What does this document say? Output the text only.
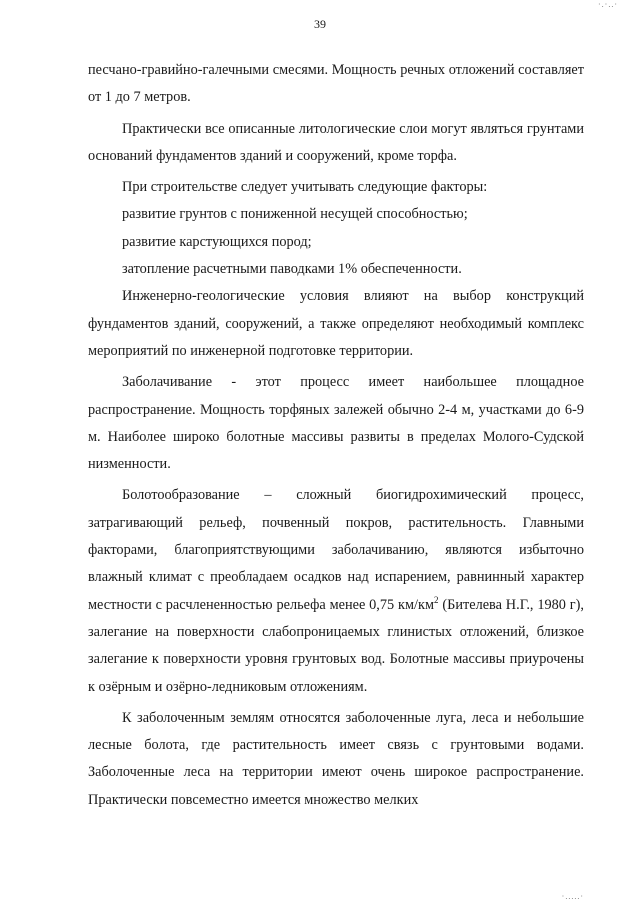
·.·..·
39

песчано-гравийно-галечными смесями. Мощность речных отложений составляет от 1 до 7 метров.

Практически все описанные литологические слои могут являться грунтами оснований фундаментов зданий и сооружений, кроме торфа.

При строительстве следует учитывать следующие факторы:

развитие грунтов с пониженной несущей способностью;

развитие карстующихся пород;

затопление расчетными паводками 1% обеспеченности.

Инженерно-геологические условия влияют на выбор конструкций фундаментов зданий, сооружений, а также определяют необходимый комплекс мероприятий по инженерной подготовке территории.

Заболачивание - этот процесс имеет наибольшее площадное распространение. Мощность торфяных залежей обычно 2-4 м, участками до 6-9 м. Наиболее широко болотные массивы развиты в пределах Молого-Судской низменности.

Болотообразование – сложный биогидрохимический процесс, затрагивающий рельеф, почвенный покров, растительность. Главными факторами, благоприятствующими заболачиванию, являются избыточно влажный климат с преобладаем осадков над испарением, равнинный характер местности с расчлененностью рельефа менее 0,75 $км/км^2$ (Бителева Н.Г., 1980 г), залегание на поверхности слабопроницаемых глинистых отложений, близкое залегание к поверхности уровня грунтовых вод. Болотные массивы приурочены к озёрным и озёрно-ледниковым отложениям.

К заболоченным землям относятся заболоченные луга, леса и небольшие лесные болота, где растительность имеет связь с грунтовыми водами. Заболоченные леса на территории имеют очень широкое распространение. Практически повсеместно имеется множество мелких

·.....·
